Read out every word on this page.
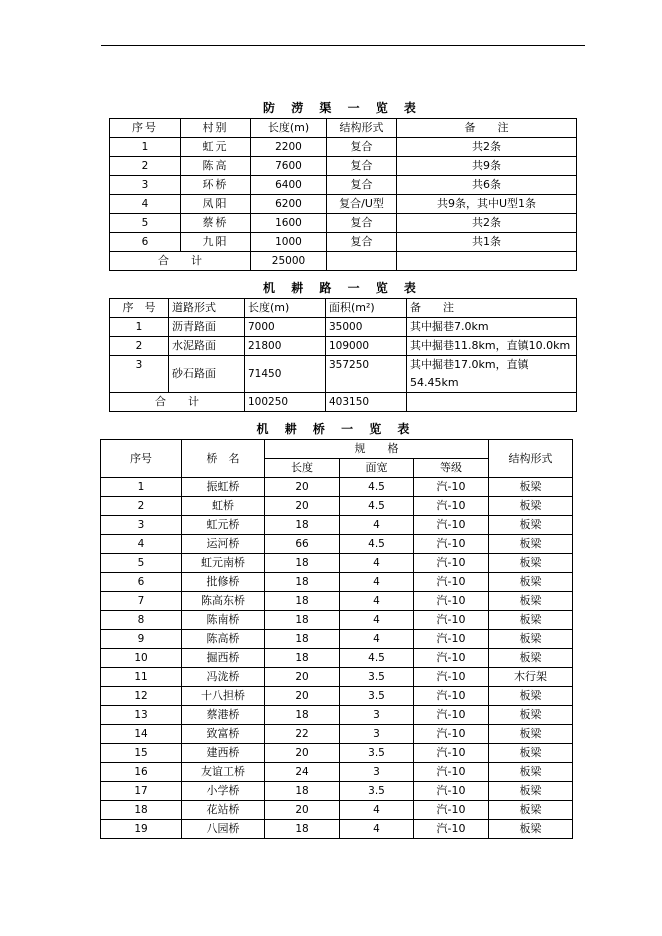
防 涝 渠 一 览 表
序号	村别	长度(m)	结构形式	备　　注
1	虹元	2200	复合	共2条
2	陈高	7600	复合	共9条
3	环桥	6400	复合	共6条
4	凤阳	6200	复合/U型	共9条，其中U型1条
5	蔡桥	1600	复合	共2条
6	九阳	1000	复合	共1条
合　　计		25000		
机 耕 路 一 览 表
序　号	道路形式	长度(m)	面积(m²)	备　　注
1	沥青路面	7000	35000	其中掘巷7.0km
2	水泥路面	21800	109000	其中掘巷11.8km，直镇10.0km
3	砂石路面	71450	357250	其中掘巷17.0km，直镇54.45km
合　　计		100250	403150	
机 耕 桥 一 览 表
序号	桥　名	规　　格			结构形式
		长度	面宽	等级	
1	振虹桥	20	4.5	汽-10	板梁
2	虹桥	20	4.5	汽-10	板梁
3	虹元桥	18	4	汽-10	板梁
4	运河桥	66	4.5	汽-10	板梁
5	虹元南桥	18	4	汽-10	板梁
6	批修桥	18	4	汽-10	板梁
7	陈高东桥	18	4	汽-10	板梁
8	陈南桥	18	4	汽-10	板梁
9	陈高桥	18	4	汽-10	板梁
10	掘西桥	18	4.5	汽-10	板梁
11	冯泷桥	20	3.5	汽-10	木行架
12	十八担桥	20	3.5	汽-10	板梁
13	蔡港桥	18	3	汽-10	板梁
14	致富桥	22	3	汽-10	板梁
15	建西桥	20	3.5	汽-10	板梁
16	友谊工桥	24	3	汽-10	板梁
17	小学桥	18	3.5	汽-10	板梁
18	花站桥	20	4	汽-10	板梁
19	八园桥	18	4	汽-10	板梁
